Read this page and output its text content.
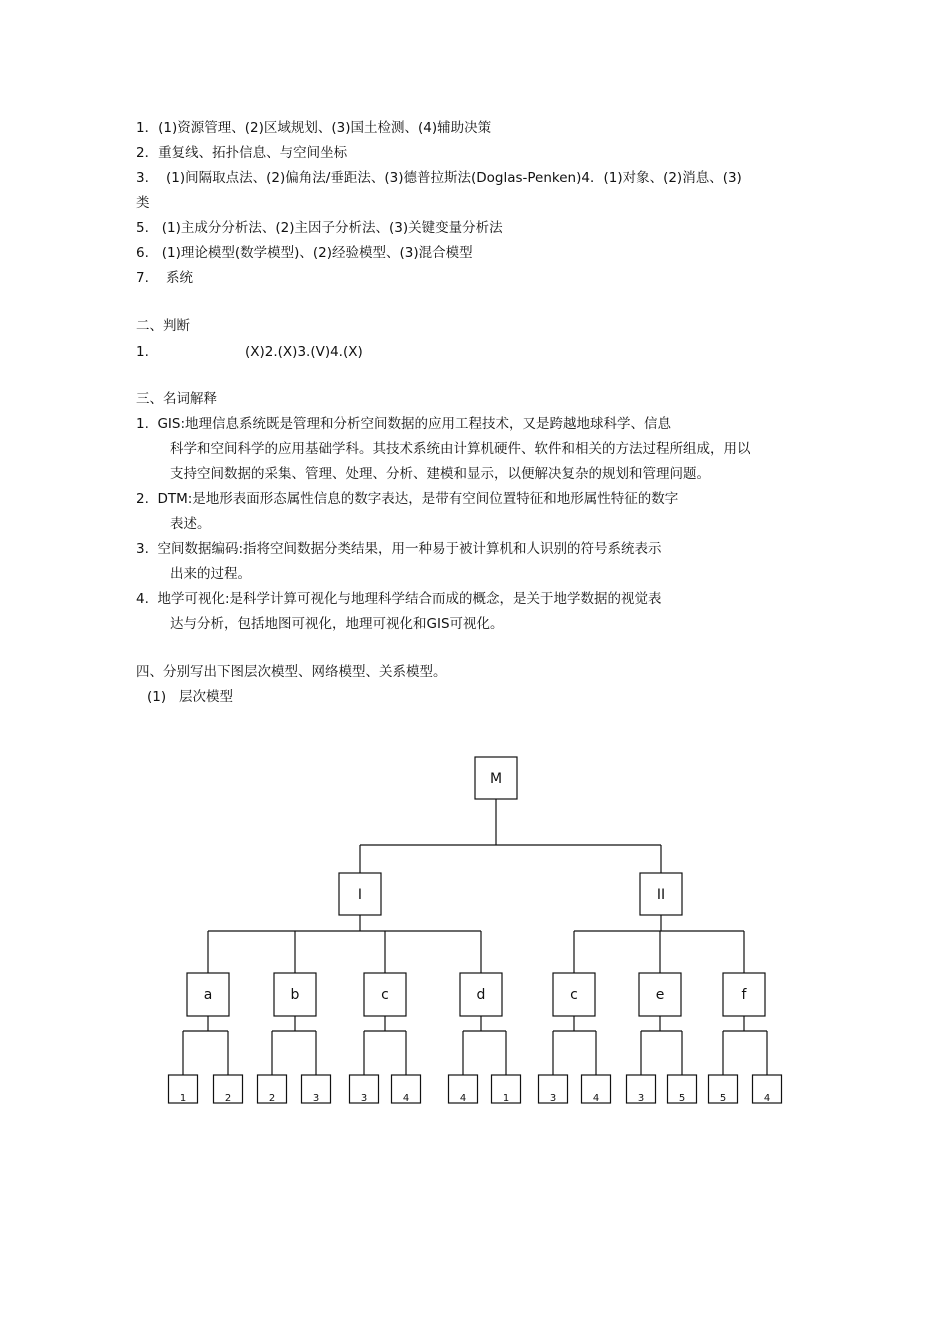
1．(1)资源管理、(2)区域规划、(3)国土检测、(4)辅助决策
2．重复线、拓扑信息、与空间坐标
3.    (1)间隔取点法、(2)偏角法/垂距法、(3)德普拉斯法(Doglas-Penken)4．(1)对象、(2)消息、(3)
类
5.   (1)主成分分析法、(2)主因子分析法、(3)关键变量分析法
6.   (1)理论模型(数学模型)、(2)经验模型、(3)混合模型
7.    系统
二、判断
1.	(X)2.(X)3.(V)4.(X)
三、名词解释
1.  GIS:地理信息系统既是管理和分析空间数据的应用工程技术，又是跨越地球科学、信息
科学和空间科学的应用基础学科。其技术系统由计算机硬件、软件和相关的方法过程所组成，用以
支持空间数据的采集、管理、处理、分析、建模和显示，以便解决复杂的规划和管理问题。
2.  DTM:是地形表面形态属性信息的数字表达，是带有空间位置特征和地形属性特征的数字
表述。
3.  空间数据编码:指将空间数据分类结果，用一种易于被计算机和人识别的符号系统表示
出来的过程。
4.  地学可视化:是科学计算可视化与地理科学结合而成的概念，是关于地学数据的视觉表
达与分析，包括地图可视化，地理可视化和GIS可视化。
四、分别写出下图层次模型、网络模型、关系模型。
(1)   层次模型
M
I	II
a	b	c	d	c	e	f
1	2	2	3	3	4	4	1	3	4	3	5	5	4
